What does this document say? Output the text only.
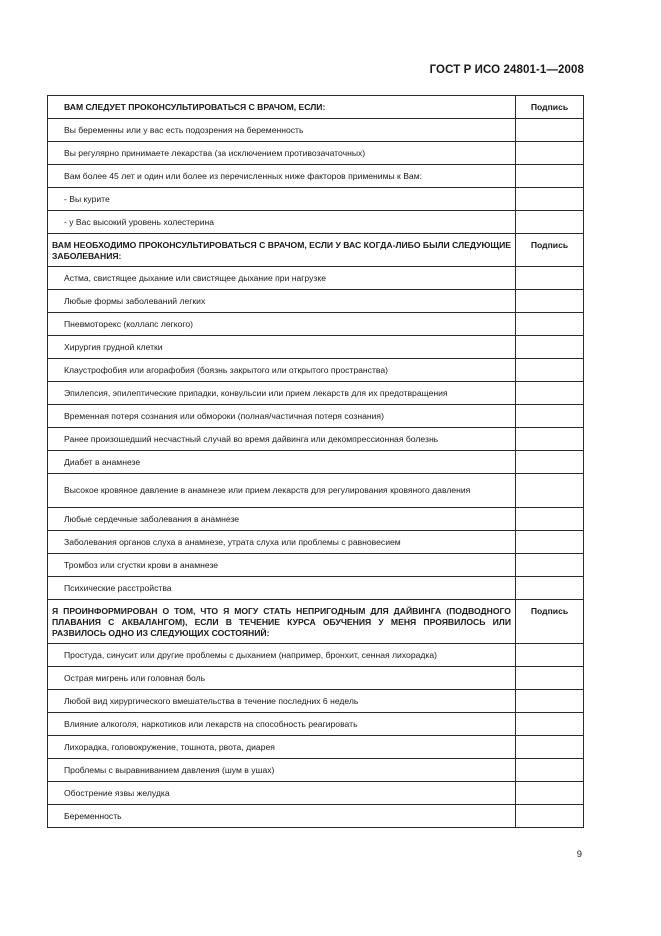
ГОСТ Р ИСО 24801-1—2008
ВАМ СЛЕДУЕТ ПРОКОНСУЛЬТИРОВАТЬСЯ С ВРАЧОМ, ЕСЛИ:	Подпись
Вы беременны или у вас есть подозрения на беременность	
Вы регулярно принимаете лекарства (за исключением противозачаточных)	
Вам более 45 лет и один или более из перечисленных ниже факторов применимы к Вам:	
- Вы курите	
- у Вас высокий уровень холестерина	
ВАМ НЕОБХОДИМО ПРОКОНСУЛЬТИРОВАТЬСЯ С ВРАЧОМ, ЕСЛИ У ВАС КОГДА-ЛИБО БЫЛИ СЛЕДУЮЩИЕ ЗАБОЛЕВАНИЯ:	Подпись
Астма, свистящее дыхание или свистящее дыхание при нагрузке	
Любые формы заболеваний легких	
Пневмоторекс (коллапс легкого)	
Хирургия грудной клетки	
Клаустрофобия или агорафобия (боязнь закрытого или открытого пространства)	
Эпилепсия, эпилептические припадки, конвульсии или прием лекарств для их предотвращения	
Временная потеря сознания или обмороки (полная/частичная потеря сознания)	
Ранее произошедший несчастный случай во время дайвинга или декомпрессионная болезнь	
Диабет в анамнезе	
Высокое кровяное давление в анамнезе или прием лекарств для регулирования кровяного давления	
Любые сердечные заболевания в анамнезе	
Заболевания органов слуха в анамнезе, утрата слуха или проблемы с равновесием	
Тромбоз или сгустки крови в анамнезе	
Психические расстройства	
Я ПРОИНФОРМИРОВАН О ТОМ, ЧТО Я МОГУ СТАТЬ НЕПРИГОДНЫМ ДЛЯ ДАЙВИНГА (ПОДВОДНОГО ПЛАВАНИЯ С АКВАЛАНГОМ), ЕСЛИ В ТЕЧЕНИЕ КУРСА ОБУЧЕНИЯ У МЕНЯ ПРОЯВИЛОСЬ ИЛИ РАЗВИЛОСЬ ОДНО ИЗ СЛЕДУЮЩИХ СОСТОЯНИЙ:	Подпись
Простуда, синусит или другие проблемы с дыханием (например, бронхит, сенная лихорадка)	
Острая мигрень или головная боль	
Любой вид хирургического вмешательства в течение последних 6 недель	
Влияние алкоголя, наркотиков или лекарств на способность реагировать	
Лихорадка, головокружение, тошнота, рвота, диарея	
Проблемы с выравниванием давления (шум в ушах)	
Обострение язвы желудка	
Беременность	
9
